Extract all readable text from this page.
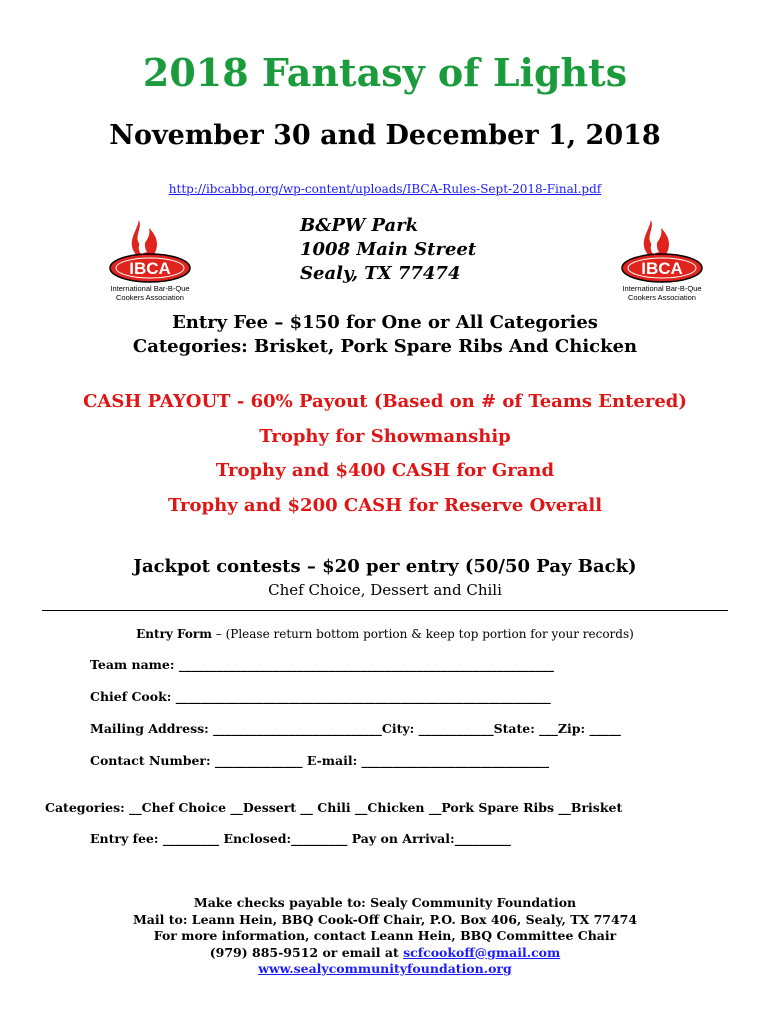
2018 Fantasy of Lights
November 30 and December 1, 2018
http://ibcabbq.org/wp-content/uploads/IBCA-Rules-Sept-2018-Final.pdf
IBCA
International Bar-B-Que
Cookers Association
B&PW Park
1008 Main Street
Sealy, TX 77474	IBCA
International Bar-B-Que
Cookers Association
Entry Fee – $150 for One or All Categories
Categories: Brisket, Pork Spare Ribs And Chicken
CASH PAYOUT - 60% Payout (Based on # of Teams Entered)
Trophy for Showmanship
Trophy and $400 CASH for Grand
Trophy and $200 CASH for Reserve Overall
Jackpot contests – $20 per entry (50/50 Pay Back)
Chef Choice, Dessert and Chili
Entry Form – (Please return bottom portion & keep top portion for your records)
Team name: ____________________________________________________________
Chief Cook: ____________________________________________________________
Mailing Address: ___________________________City: ____________State: ___Zip: _____
Contact Number: ______________ E-mail: ______________________________
Categories: __Chef Choice __Dessert __ Chili __Chicken __Pork Spare Ribs __Brisket
Entry fee: _________ Enclosed:_________ Pay on Arrival:_________
Make checks payable to: Sealy Community Foundation
Mail to: Leann Hein, BBQ Cook-Off Chair, P.O. Box 406, Sealy, TX 77474
For more information, contact Leann Hein, BBQ Committee Chair
(979) 885-9512 or email at scfcookoff@gmail.com
www.sealycommunityfoundation.org
